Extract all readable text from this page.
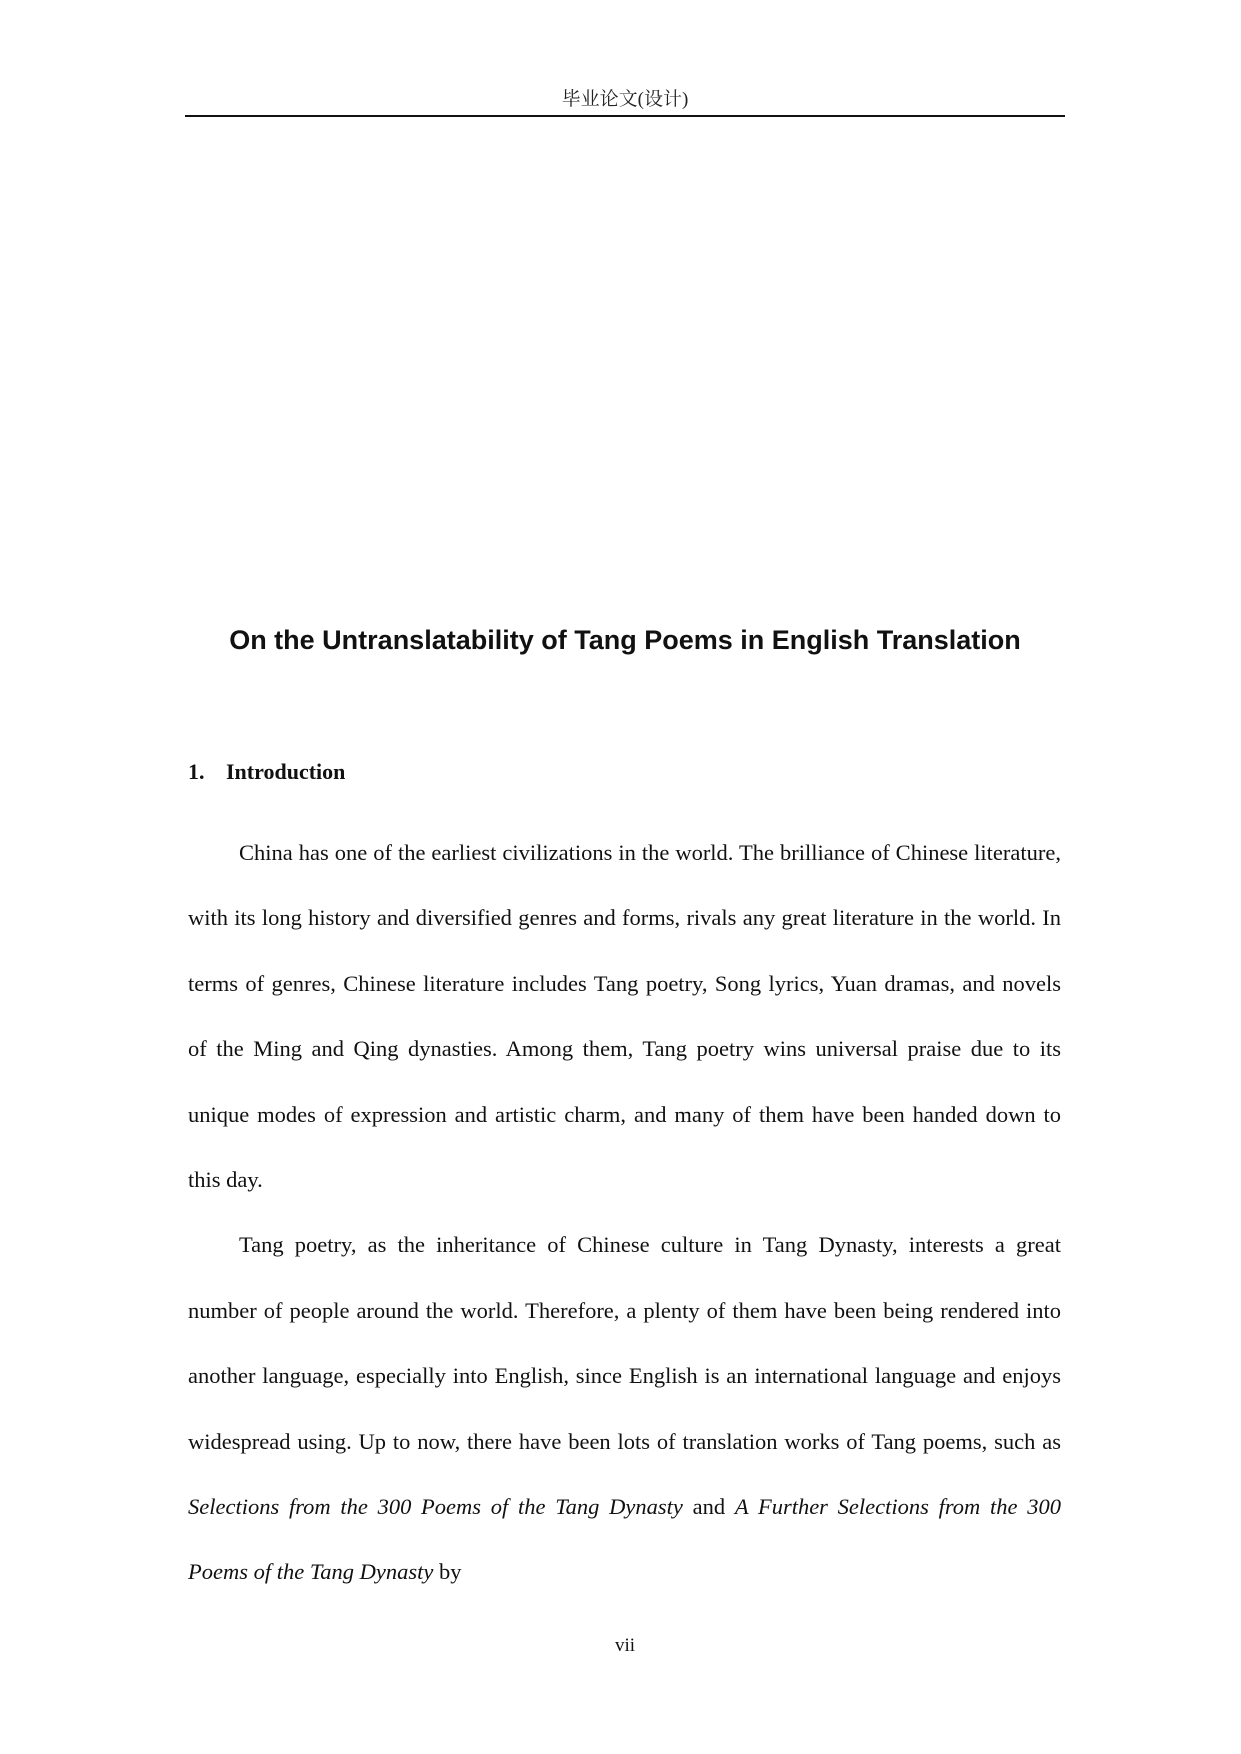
毕业论文(设计)
On the Untranslatability of Tang Poems in English Translation
1. Introduction

China has one of the earliest civilizations in the world. The brilliance of Chinese literature, with its long history and diversified genres and forms, rivals any great literature in the world. In terms of genres, Chinese literature includes Tang poetry, Song lyrics, Yuan dramas, and novels of the Ming and Qing dynasties. Among them, Tang poetry wins universal praise due to its unique modes of expression and artistic charm, and many of them have been handed down to this day.

Tang poetry, as the inheritance of Chinese culture in Tang Dynasty, interests a great number of people around the world. Therefore, a plenty of them have been being rendered into another language, especially into English, since English is an international language and enjoys widespread using. Up to now, there have been lots of translation works of Tang poems, such as Selections from the 300 Poems of the Tang Dynasty and A Further Selections from the 300 Poems of the Tang Dynasty by

vii
